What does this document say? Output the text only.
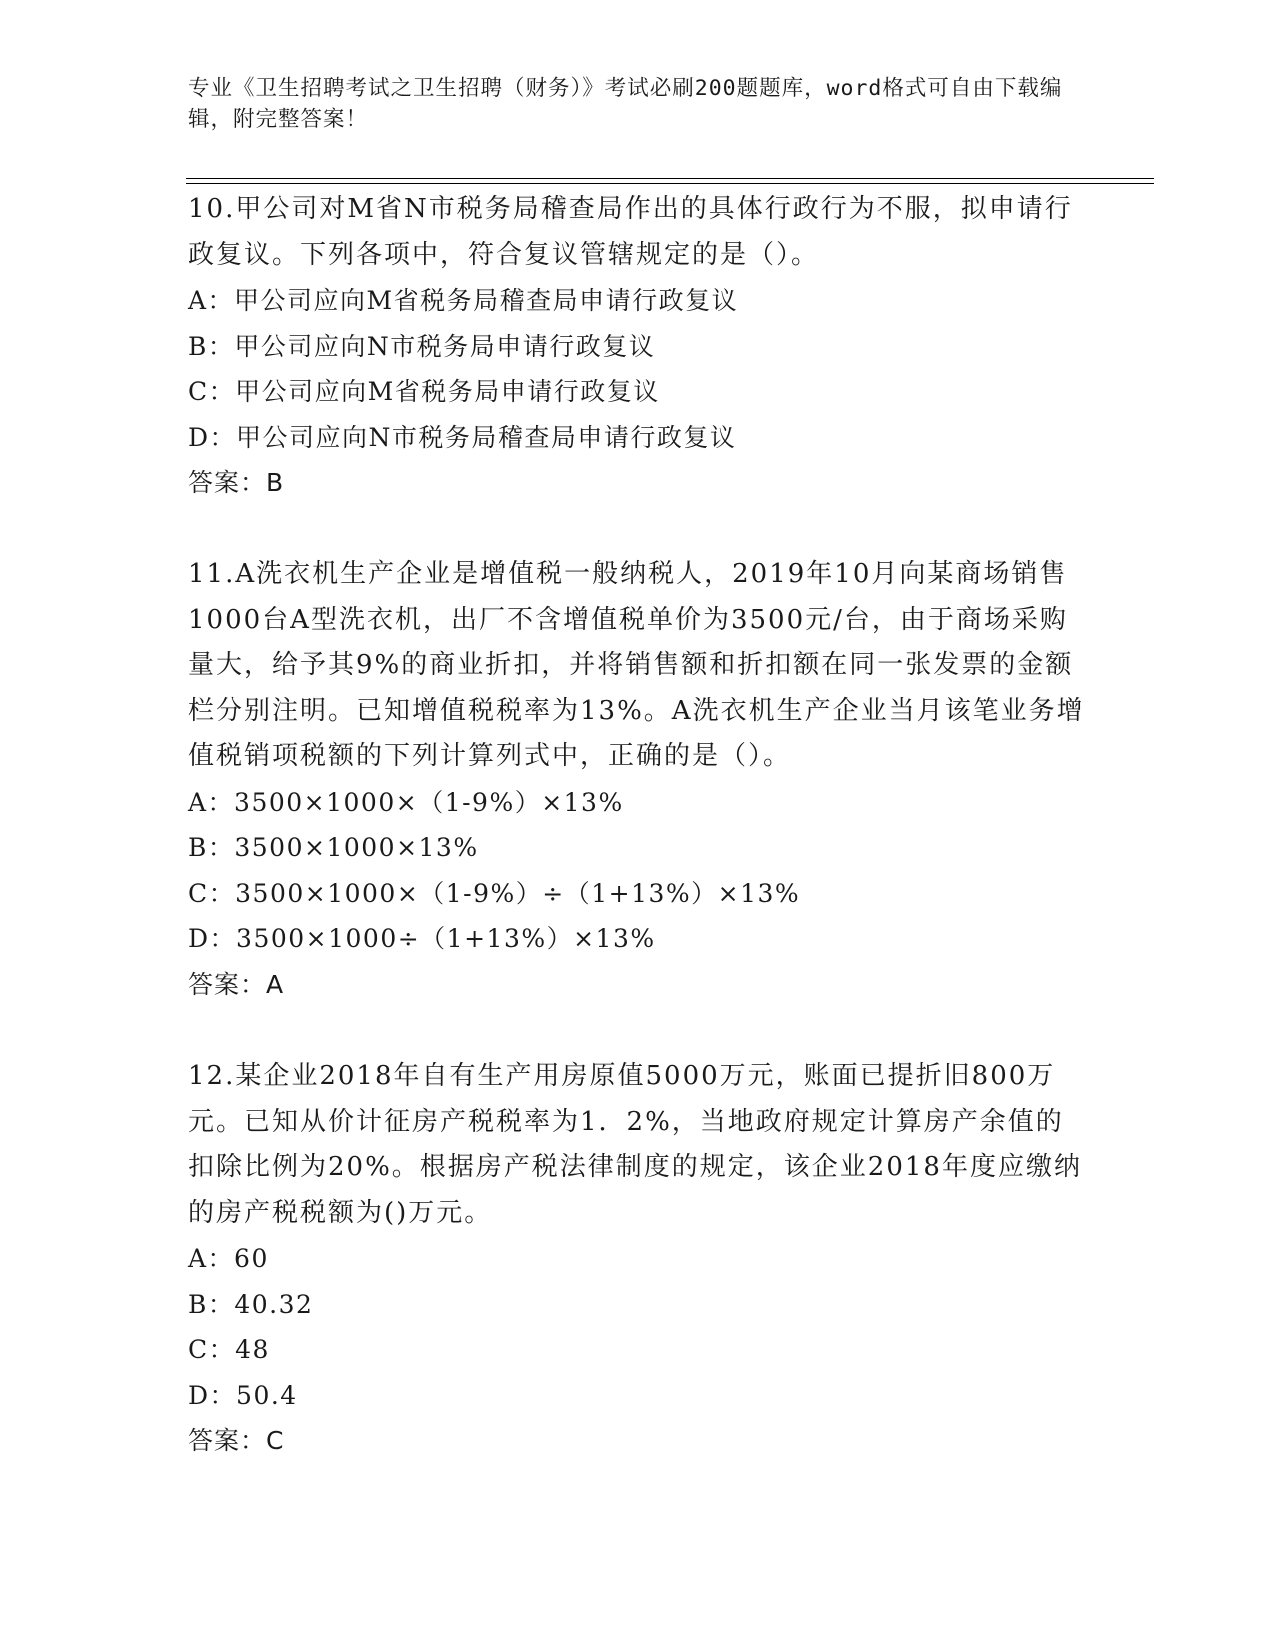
专业《卫生招聘考试之卫生招聘（财务）》考试必刷200题题库，word格式可自由下载编辑，附完整答案！

10.甲公司对M省N市税务局稽查局作出的具体行政行为不服，拟申请行政复议。下列各项中，符合复议管辖规定的是（）。

A：甲公司应向M省税务局稽查局申请行政复议

B：甲公司应向N市税务局申请行政复议

C：甲公司应向M省税务局申请行政复议

D：甲公司应向N市税务局稽查局申请行政复议

答案：B

11.A洗衣机生产企业是增值税一般纳税人，2019年10月向某商场销售1000台A型洗衣机，出厂不含增值税单价为3500元/台，由于商场采购量大，给予其9%的商业折扣，并将销售额和折扣额在同一张发票的金额栏分别注明。已知增值税税率为13%。A洗衣机生产企业当月该笔业务增值税销项税额的下列计算列式中，正确的是（）。

A：3500×1000×（1-9%）×13%

B：3500×1000×13%

C：3500×1000×（1-9%）÷（1+13%）×13%

D：3500×1000÷（1+13%）×13%

答案：A

12.某企业2018年自有生产用房原值5000万元，账面已提折旧800万元。已知从价计征房产税税率为1．2%，当地政府规定计算房产余值的扣除比例为20%。根据房产税法律制度的规定，该企业2018年度应缴纳的房产税税额为()万元。

A：60

B：40.32

C：48

D：50.4

答案：C
